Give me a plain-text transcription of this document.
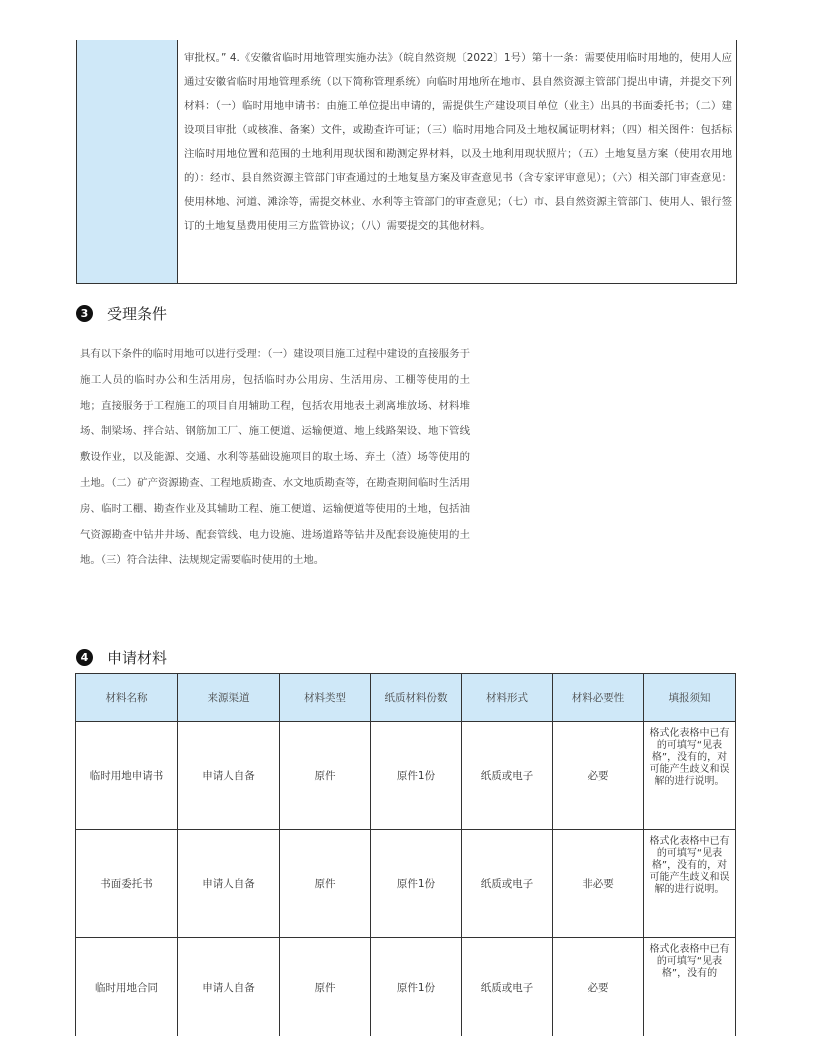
审批权。” 4.《安徽省临时用地管理实施办法》（皖自然资规〔2022〕1号）第十一条：需要使用临时用地的，使用人应通过安徽省临时用地管理系统（以下简称管理系统）向临时用地所在地市、县自然资源主管部门提出申请，并提交下列材料：（一）临时用地申请书：由施工单位提出申请的，需提供生产建设项目单位（业主）出具的书面委托书；（二）建设项目审批（或核准、备案）文件，或勘查许可证；（三）临时用地合同及土地权属证明材料；（四）相关图件：包括标注临时用地位置和范围的土地利用现状图和勘测定界材料，以及土地利用现状照片；（五）土地复垦方案（使用农用地的）：经市、县自然资源主管部门审查通过的土地复垦方案及审查意见书（含专家评审意见）；（六）相关部门审查意见：使用林地、河道、滩涂等，需提交林业、水利等主管部门的审查意见；（七）市、县自然资源主管部门、使用人、银行签订的土地复垦费用使用三方监管协议；（八）需要提交的其他材料。
3	受理条件
具有以下条件的临时用地可以进行受理：（一）建设项目施工过程中建设的直接服务于施工人员的临时办公和生活用房，包括临时办公用房、生活用房、工棚等使用的土地；直接服务于工程施工的项目自用辅助工程，包括农用地表土剥离堆放场、材料堆场、制梁场、拌合站、钢筋加工厂、施工便道、运输便道、地上线路架设、地下管线敷设作业，以及能源、交通、水利等基础设施项目的取土场、弃土（渣）场等使用的土地。（二）矿产资源勘查、工程地质勘查、水文地质勘查等，在勘查期间临时生活用房、临时工棚、勘查作业及其辅助工程、施工便道、运输便道等使用的土地，包括油气资源勘查中钻井井场、配套管线、电力设施、进场道路等钻井及配套设施使用的土地。（三）符合法律、法规规定需要临时使用的土地。
4	申请材料
材料名称	来源渠道	材料类型	纸质材料份数	材料形式	材料必要性	填报须知
临时用地申请书	申请人自备	原件	原件1份	纸质或电子	必要	格式化表格中已有的可填写“见表格”，没有的，对可能产生歧义和误解的进行说明。
书面委托书	申请人自备	原件	原件1份	纸质或电子	非必要	格式化表格中已有的可填写“见表格”，没有的，对可能产生歧义和误解的进行说明。
临时用地合同	申请人自备	原件	原件1份	纸质或电子	必要	格式化表格中已有的可填写“见表格”，没有的
